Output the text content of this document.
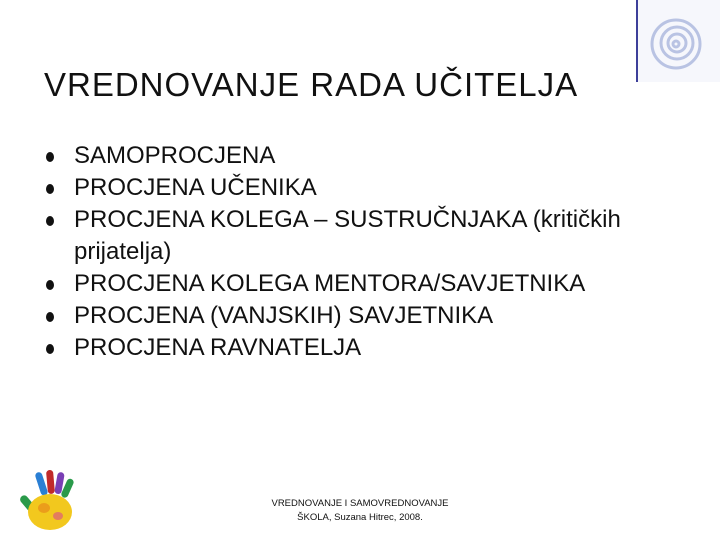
VREDNOVANJE RADA UČITELJA
SAMOPROCJENA
PROCJENA UČENIKA
PROCJENA KOLEGA – SUSTRUČNJAKA (kritičkih prijatelja)
PROCJENA KOLEGA MENTORA/SAVJETNIKA
PROCJENA (VANJSKIH) SAVJETNIKA
PROCJENA RAVNATELJA
VREDNOVANJE I SAMOVREDNOVANJE
ŠKOLA, Suzana Hitrec, 2008.
